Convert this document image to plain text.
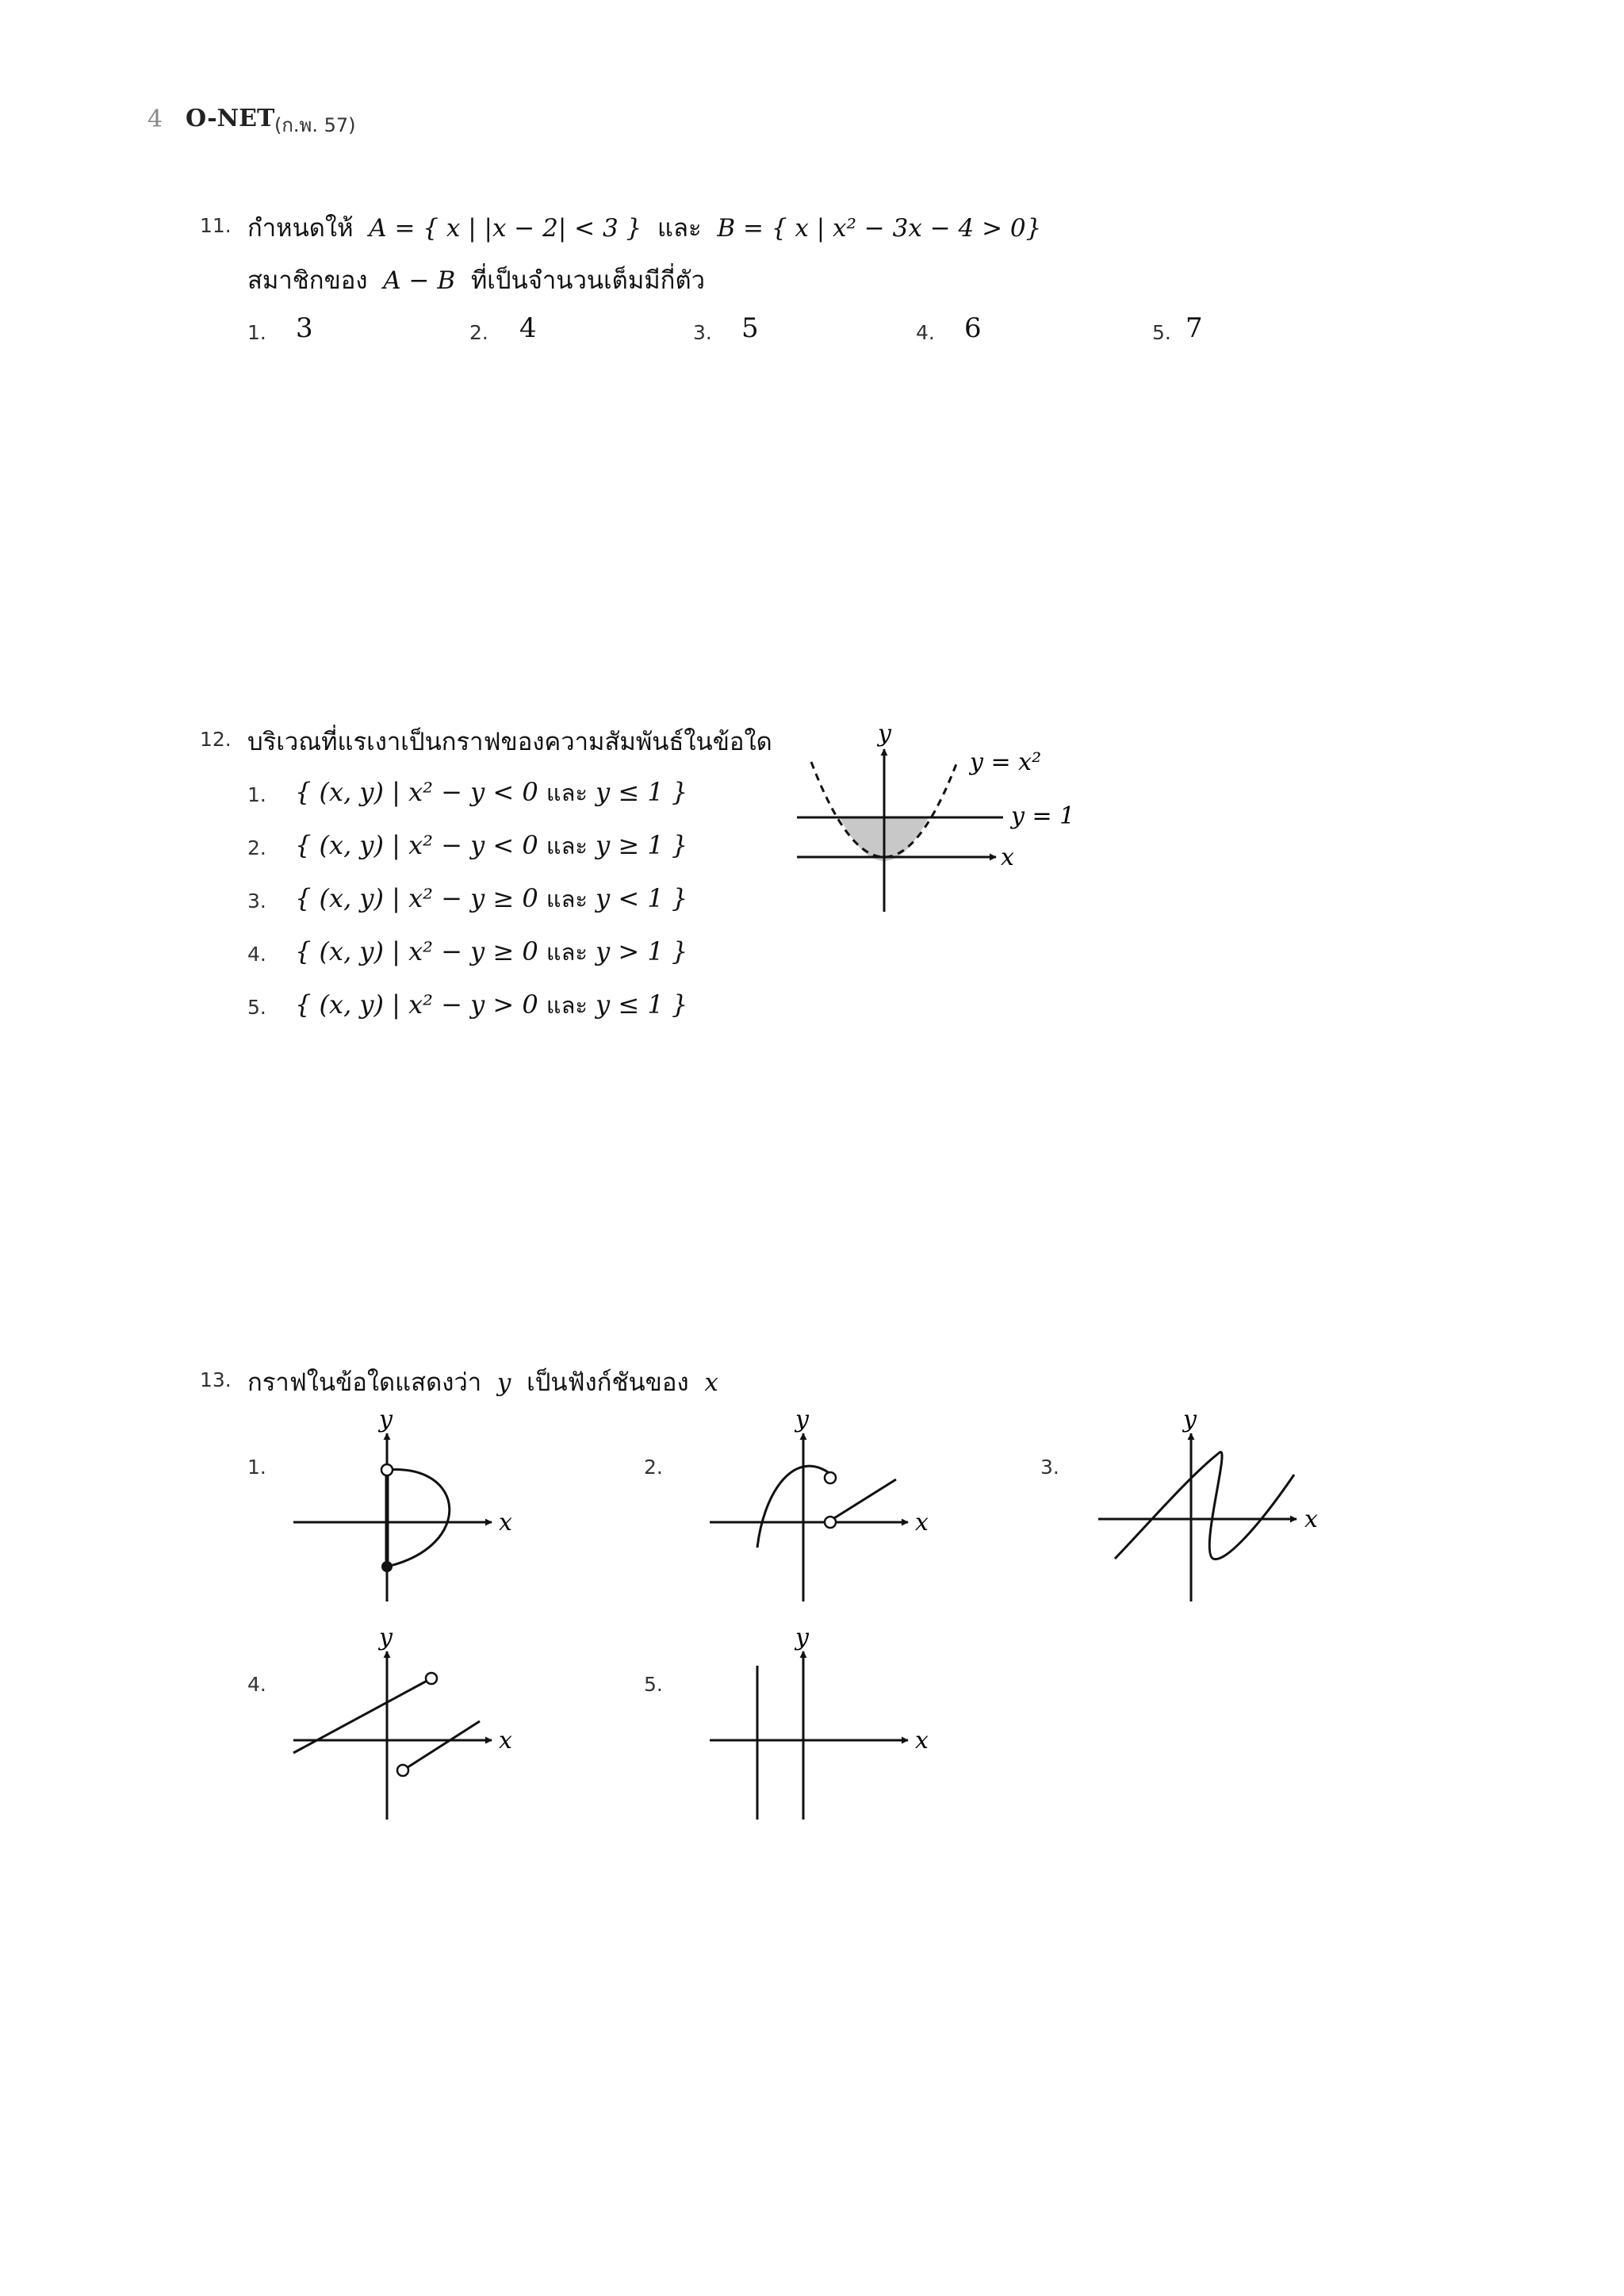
4 O-NET (ก.พ. 57)
11. กำหนดให้ A = { x | |x − 2| < 3 } และ B = { x | x² − 3x − 4 > 0}
สมาชิกของ A − B ที่เป็นจำนวนเต็มมีกี่ตัว
1. 3	2. 4	3. 5	4. 6	5. 7
12. บริเวณที่แรเงาเป็นกราฟของความสัมพันธ์ในข้อใด
1. { (x, y) | x² − y < 0 และ y ≤ 1 }
2. { (x, y) | x² − y < 0 และ y ≥ 1 }
3. { (x, y) | x² − y ≥ 0 และ y < 1 }
4. { (x, y) | x² − y ≥ 0 และ y > 1 }
5. { (x, y) | x² − y > 0 และ y ≤ 1 }
y
x
y = x²
y = 1
13. กราฟในข้อใดแสดงว่า y เป็นฟังก์ชันของ x
1.
x
y
2.
x
y
3.
x
y
4.
x
y
5.
x
y
